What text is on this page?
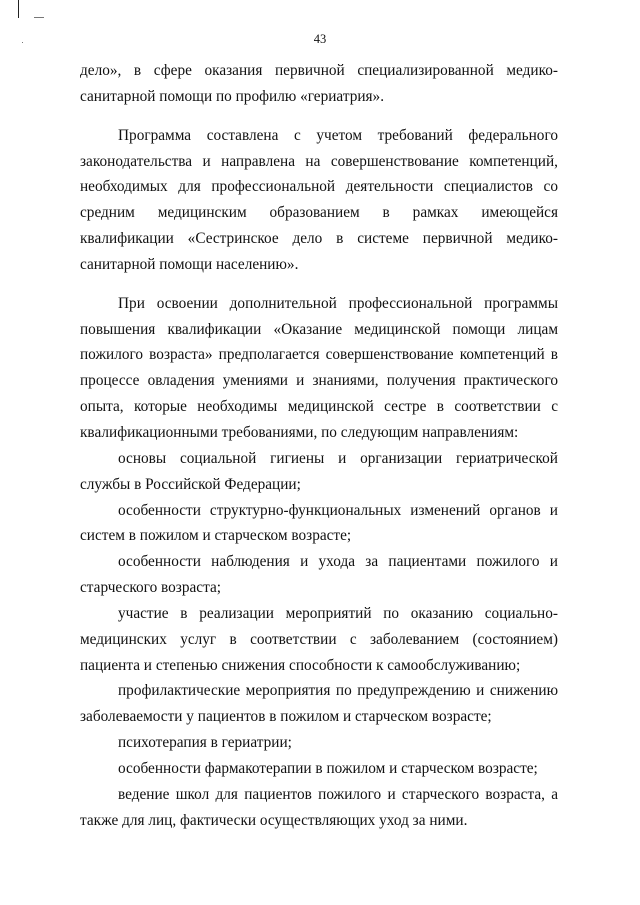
43

дело», в сфере оказания первичной специализированной медико-санитарной помощи по профилю «гериатрия».

Программа составлена с учетом требований федерального законодательства и направлена на совершенствование компетенций, необходимых для профессиональной деятельности специалистов со средним медицинским образованием в рамках имеющейся квалификации «Сестринское дело в системе первичной медико-санитарной помощи населению».

При освоении дополнительной профессиональной программы повышения квалификации «Оказание медицинской помощи лицам пожилого возраста» предполагается совершенствование компетенций в процессе овладения умениями и знаниями, получения практического опыта, которые необходимы медицинской сестре в соответствии с квалификационными требованиями, по следующим направлениям:

основы социальной гигиены и организации гериатрической службы в Российской Федерации;

особенности структурно-функциональных изменений органов и систем в пожилом и старческом возрасте;

особенности наблюдения и ухода за пациентами пожилого и старческого возраста;

участие в реализации мероприятий по оказанию социально-медицинских услуг в соответствии с заболеванием (состоянием) пациента и степенью снижения способности к самообслуживанию;

профилактические мероприятия по предупреждению и снижению заболеваемости у пациентов в пожилом и старческом возрасте;

психотерапия в гериатрии;

особенности фармакотерапии в пожилом и старческом возрасте;

ведение школ для пациентов пожилого и старческого возраста, а также для лиц, фактически осуществляющих уход за ними.
